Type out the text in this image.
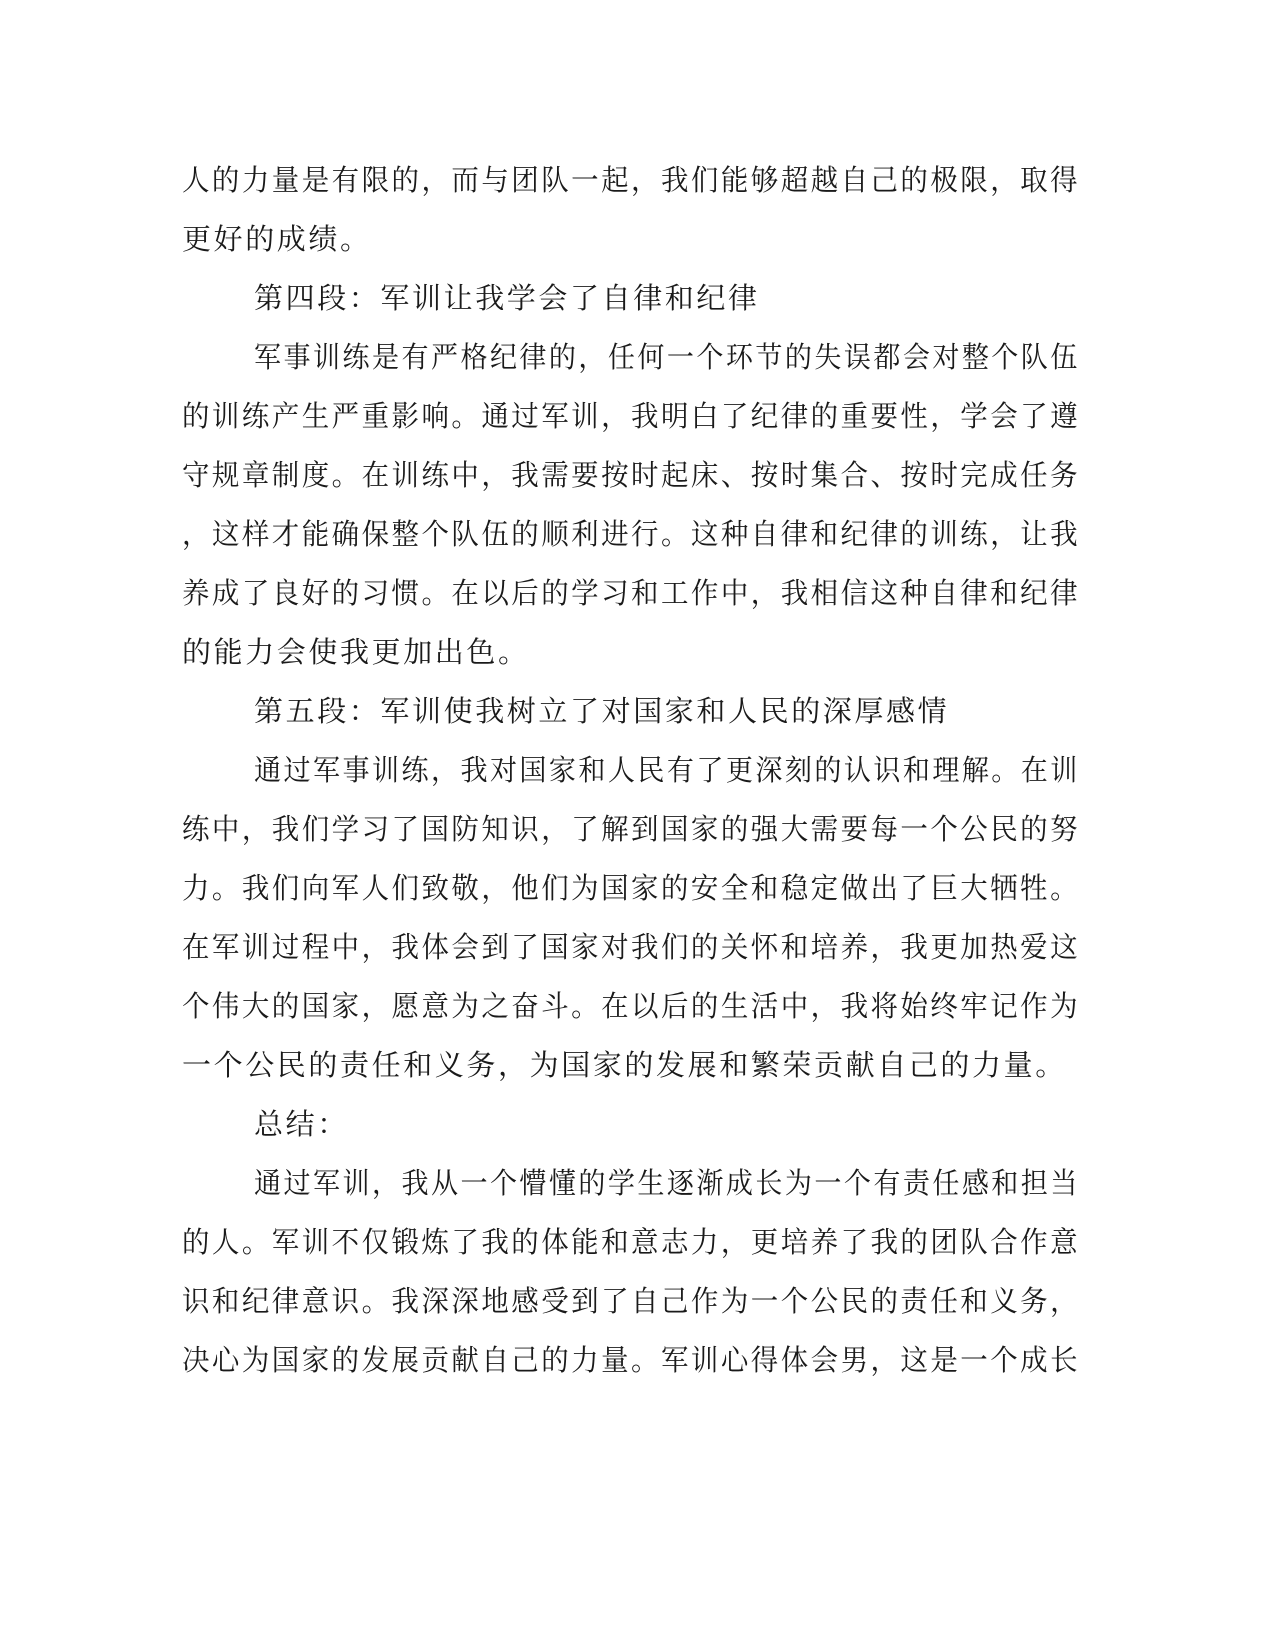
人的力量是有限的，而与团队一起，我们能够超越自己的极限，取得
更好的成绩。
第四段：军训让我学会了自律和纪律
军事训练是有严格纪律的，任何一个环节的失误都会对整个队伍
的训练产生严重影响。通过军训，我明白了纪律的重要性，学会了遵
守规章制度。在训练中，我需要按时起床、按时集合、按时完成任务
，这样才能确保整个队伍的顺利进行。这种自律和纪律的训练，让我
养成了良好的习惯。在以后的学习和工作中，我相信这种自律和纪律
的能力会使我更加出色。
第五段：军训使我树立了对国家和人民的深厚感情
通过军事训练，我对国家和人民有了更深刻的认识和理解。在训
练中，我们学习了国防知识，了解到国家的强大需要每一个公民的努
力。我们向军人们致敬，他们为国家的安全和稳定做出了巨大牺牲。
在军训过程中，我体会到了国家对我们的关怀和培养，我更加热爱这
个伟大的国家，愿意为之奋斗。在以后的生活中，我将始终牢记作为
一个公民的责任和义务，为国家的发展和繁荣贡献自己的力量。
总结：
通过军训，我从一个懵懂的学生逐渐成长为一个有责任感和担当
的人。军训不仅锻炼了我的体能和意志力，更培养了我的团队合作意
识和纪律意识。我深深地感受到了自己作为一个公民的责任和义务，
决心为国家的发展贡献自己的力量。军训心得体会男，这是一个成长
